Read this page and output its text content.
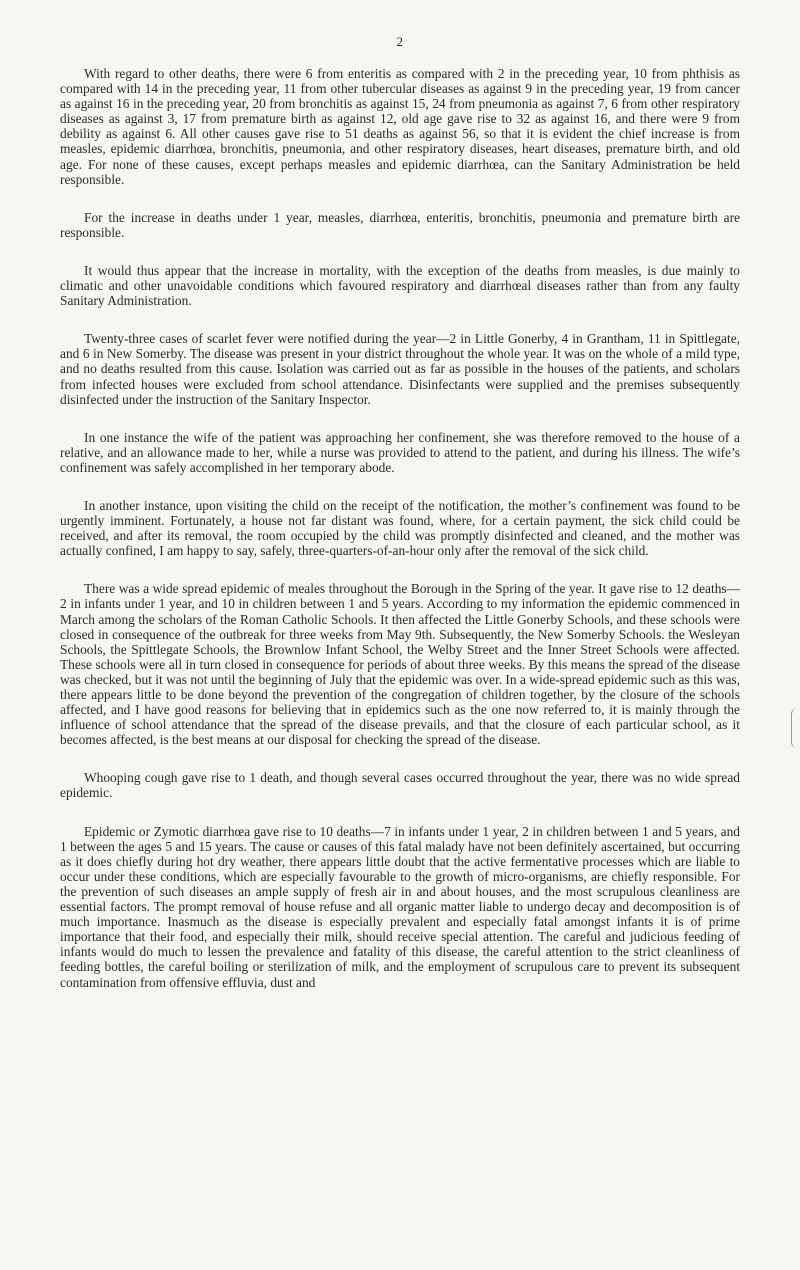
2

With regard to other deaths, there were 6 from enteritis as compared with 2 in the preceding year, 10 from phthisis as compared with 14 in the preceding year, 11 from other tubercular diseases as against 9 in the preceding year, 19 from cancer as against 16 in the preceding year, 20 from bronchitis as against 15, 24 from pneumonia as against 7, 6 from other respiratory diseases as against 3, 17 from premature birth as against 12, old age gave rise to 32 as against 16, and there were 9 from debility as against 6. All other causes gave rise to 51 deaths as against 56, so that it is evident the chief increase is from measles, epidemic diarrhœa, bronchitis, pneumonia, and other respiratory diseases, heart diseases, premature birth, and old age. For none of these causes, except perhaps measles and epidemic diarrhœa, can the Sanitary Administration be held responsible.

For the increase in deaths under 1 year, measles, diarrhœa, enteritis, bronchitis, pneumonia and premature birth are responsible.

It would thus appear that the increase in mortality, with the exception of the deaths from measles, is due mainly to climatic and other unavoidable conditions which favoured respiratory and diarrhœal diseases rather than from any faulty Sanitary Administration.

Twenty-three cases of scarlet fever were notified during the year—2 in Little Gonerby, 4 in Grantham, 11 in Spittlegate, and 6 in New Somerby. The disease was present in your district throughout the whole year. It was on the whole of a mild type, and no deaths resulted from this cause. Isolation was carried out as far as possible in the houses of the patients, and scholars from infected houses were excluded from school attendance. Disinfectants were supplied and the premises subsequently disinfected under the instruction of the Sanitary Inspector.

In one instance the wife of the patient was approaching her confinement, she was therefore removed to the house of a relative, and an allowance made to her, while a nurse was provided to attend to the patient, and during his illness. The wife’s confinement was safely accomplished in her temporary abode.

In another instance, upon visiting the child on the receipt of the notification, the mother’s confinement was found to be urgently imminent. Fortunately, a house not far distant was found, where, for a certain payment, the sick child could be received, and after its removal, the room occupied by the child was promptly disinfected and cleaned, and the mother was actually confined, I am happy to say, safely, three-quarters-of-an-hour only after the removal of the sick child.

There was a wide spread epidemic of meales throughout the Borough in the Spring of the year. It gave rise to 12 deaths—2 in infants under 1 year, and 10 in children between 1 and 5 years. According to my information the epidemic commenced in March among the scholars of the Roman Catholic Schools. It then affected the Little Gonerby Schools, and these schools were closed in consequence of the outbreak for three weeks from May 9th. Subsequently, the New Somerby Schools. the Wesleyan Schools, the Spittlegate Schools, the Brownlow Infant School, the Welby Street and the Inner Street Schools were affected. These schools were all in turn closed in consequence for periods of about three weeks. By this means the spread of the disease was checked, but it was not until the beginning of July that the epidemic was over. In a wide-spread epidemic such as this was, there appears little to be done beyond the prevention of the congregation of children together, by the closure of the schools affected, and I have good reasons for believing that in epidemics such as the one now referred to, it is mainly through the influence of school attendance that the spread of the disease prevails, and that the closure of each particular school, as it becomes affected, is the best means at our disposal for checking the spread of the disease.

Whooping cough gave rise to 1 death, and though several cases occurred throughout the year, there was no wide spread epidemic.

Epidemic or Zymotic diarrhœa gave rise to 10 deaths—7 in infants under 1 year, 2 in children between 1 and 5 years, and 1 between the ages 5 and 15 years. The cause or causes of this fatal malady have not been definitely ascertained, but occurring as it does chiefly during hot dry weather, there appears little doubt that the active fermentative processes which are liable to occur under these conditions, which are especially favourable to the growth of micro-organisms, are chiefly responsible. For the prevention of such diseases an ample supply of fresh air in and about houses, and the most scrupulous cleanliness are essential factors. The prompt removal of house refuse and all organic matter liable to undergo decay and decomposition is of much importance. Inasmuch as the disease is especially prevalent and especially fatal amongst infants it is of prime importance that their food, and especially their milk, should receive special attention. The careful and judicious feeding of infants would do much to lessen the prevalence and fatality of this disease, the careful attention to the strict cleanliness of feeding bottles, the careful boiling or sterilization of milk, and the employment of scrupulous care to prevent its subsequent contamination from offensive effluvia, dust and
